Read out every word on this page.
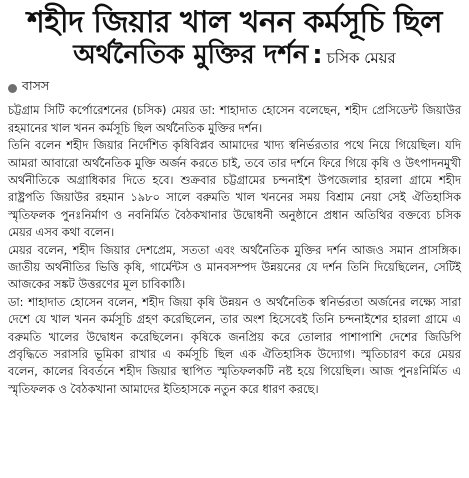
শহীদ জিয়ার খাল খনন কর্মসূচি ছিল
অর্থনৈতিক মুক্তির দর্শন : চসিক মেয়র
বাসস

চট্টগ্রাম সিটি কর্পোরেশনের (চসিক) মেয়র ডা: শাহাদাত হোসেন বলেছেন, শহীদ প্রেসিডেন্ট জিয়াউর রহমানের খাল খনন কর্মসূচি ছিল অর্থনৈতিক মুক্তির দর্শন।

তিনি বলেন শহীদ জিয়ার নির্দেশিত কৃষিবিপ্লব আমাদের খাদ্য স্বনির্ভরতার পথে নিয়ে গিয়েছিল। যদি আমরা আবারো অর্থনৈতিক মুক্তি অর্জন করতে চাই, তবে তার দর্শনে ফিরে গিয়ে কৃষি ও উৎপাদনমুখী অর্থনীতিকে অগ্রাধিকার দিতে হবে। শুক্রবার চট্টগ্রামের চন্দনাইশ উপজেলার হারলা গ্রামে শহীদ রাষ্ট্রপতি জিয়াউর রহমান ১৯৮০ সালে বরুমতি খাল খননের সময় বিশ্রাম নেয়া সেই ঐতিহাসিক স্মৃতিফলক পুনঃনির্মাণ ও নবনির্মিত বৈঠকখানার উদ্বোধনী অনুষ্ঠানে প্রধান অতিথির বক্তব্যে চসিক মেয়র এসব কথা বলেন।

মেয়র বলেন, শহীদ জিয়ার দেশপ্রেম, সততা এবং অর্থনৈতিক মুক্তির দর্শন আজও সমান প্রাসঙ্গিক। জাতীয় অর্থনীতির ভিত্তি কৃষি, গার্মেন্টস ও মানবসম্পদ উন্নয়নের যে দর্শন তিনি দিয়েছিলেন, সেটিই আজকের সঙ্কট উত্তরণের মূল চাবিকাঠি।

ডা: শাহাদাত হোসেন বলেন, শহীদ জিয়া কৃষি উন্নয়ন ও অর্থনৈতিক স্বনির্ভরতা অর্জনের লক্ষ্যে সারা দেশে যে খাল খনন কর্মসূচি গ্রহণ করেছিলেন, তার অংশ হিসেবেই তিনি চন্দনাইশের হারলা গ্রামে এ বরুমতি খালের উদ্বোধন করেছিলেন। কৃষিকে জনপ্রিয় করে তোলার পাশাপাশি দেশের জিডিপি প্রবৃদ্ধিতে সরাসরি ভূমিকা রাখার এ কর্মসূচি ছিল এক ঐতিহাসিক উদ্যোগ। স্মৃতিচারণ করে মেয়র বলেন, কালের বিবর্তনে শহীদ জিয়ার স্থাপিত স্মৃতিফলকটি নষ্ট হয়ে গিয়েছিল। আজ পুনঃনির্মিত এ স্মৃতিফলক ও বৈঠকখানা আমাদের ইতিহাসকে নতুন করে ধারণ করছে।
